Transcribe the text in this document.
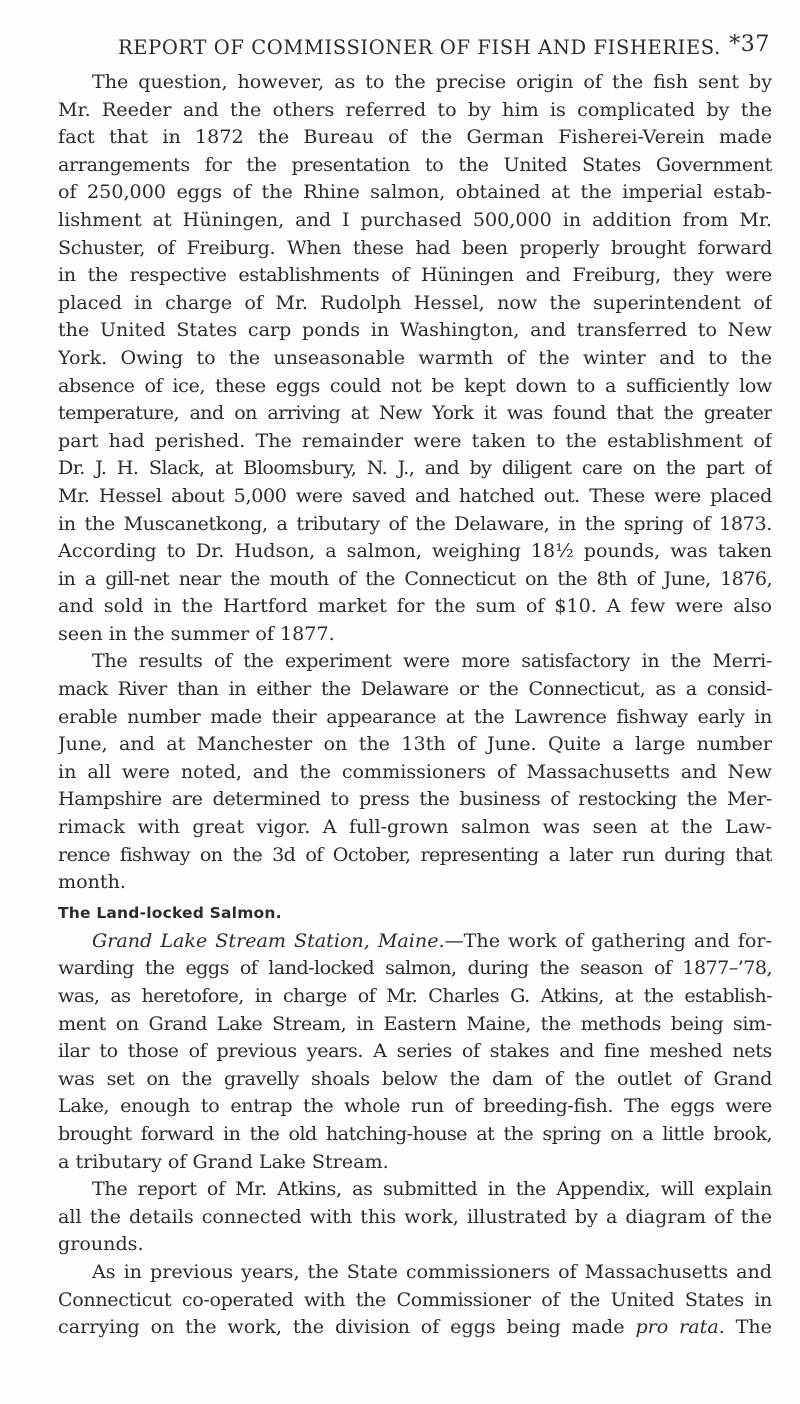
REPORT OF COMMISSIONER OF FISH AND FISHERIES. *37
The question, however, as to the precise origin of the fish sent by
Mr. Reeder and the others referred to by him is complicated by the
fact that in 1872 the Bureau of the German Fisherei-Verein made
arrangements for the presentation to the United States Government
of 250,000 eggs of the Rhine salmon, obtained at the imperial estab-
lishment at Hüningen, and I purchased 500,000 in addition from Mr.
Schuster, of Freiburg. When these had been properly brought forward
in the respective establishments of Hüningen and Freiburg, they were
placed in charge of Mr. Rudolph Hessel, now the superintendent of
the United States carp ponds in Washington, and transferred to New
York. Owing to the unseasonable warmth of the winter and to the
absence of ice, these eggs could not be kept down to a sufficiently low
temperature, and on arriving at New York it was found that the greater
part had perished. The remainder were taken to the establishment of
Dr. J. H. Slack, at Bloomsbury, N. J., and by diligent care on the part of
Mr. Hessel about 5,000 were saved and hatched out. These were placed
in the Muscanetkong, a tributary of the Delaware, in the spring of 1873.
According to Dr. Hudson, a salmon, weighing 18½ pounds, was taken
in a gill-net near the mouth of the Connecticut on the 8th of June, 1876,
and sold in the Hartford market for the sum of $10. A few were also
seen in the summer of 1877.
The results of the experiment were more satisfactory in the Merri-
mack River than in either the Delaware or the Connecticut, as a consid-
erable number made their appearance at the Lawrence fishway early in
June, and at Manchester on the 13th of June. Quite a large number
in all were noted, and the commissioners of Massachusetts and New
Hampshire are determined to press the business of restocking the Mer-
rimack with great vigor. A full-grown salmon was seen at the Law-
rence fishway on the 3d of October, representing a later run during that
month.
The Land-locked Salmon.
Grand Lake Stream Station, Maine.—The work of gathering and for-
warding the eggs of land-locked salmon, during the season of 1877–’78,
was, as heretofore, in charge of Mr. Charles G. Atkins, at the establish-
ment on Grand Lake Stream, in Eastern Maine, the methods being sim-
ilar to those of previous years. A series of stakes and fine meshed nets
was set on the gravelly shoals below the dam of the outlet of Grand
Lake, enough to entrap the whole run of breeding-fish. The eggs were
brought forward in the old hatching-house at the spring on a little brook,
a tributary of Grand Lake Stream.
The report of Mr. Atkins, as submitted in the Appendix, will explain
all the details connected with this work, illustrated by a diagram of the
grounds.
As in previous years, the State commissioners of Massachusetts and
Connecticut co-operated with the Commissioner of the United States in
carrying on the work, the division of eggs being made pro rata. The
